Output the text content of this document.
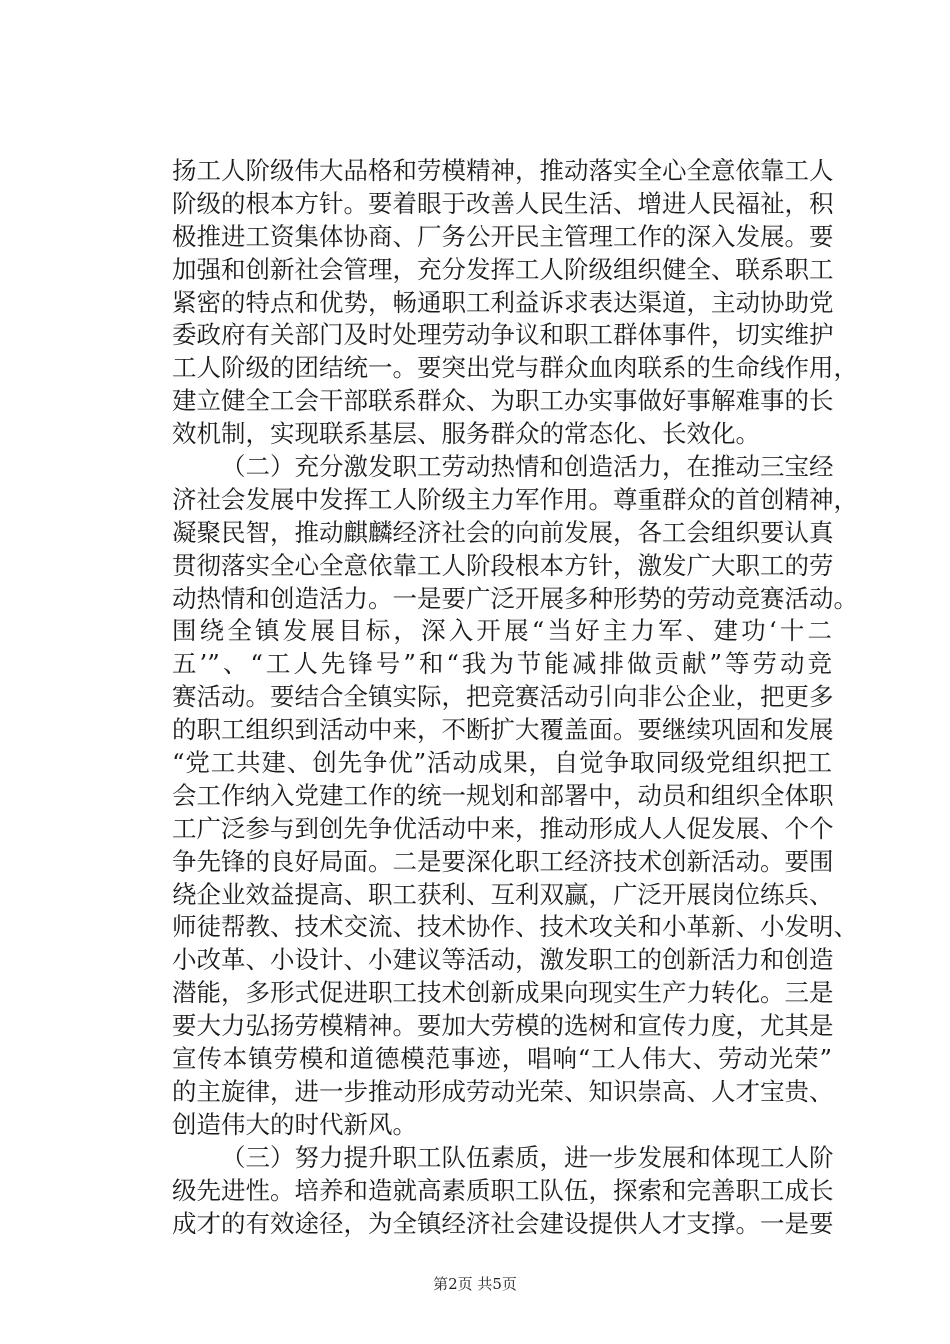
扬工人阶级伟大品格和劳模精神，推动落实全心全意依靠工人
阶级的根本方针。要着眼于改善人民生活、增进人民福祉，积
极推进工资集体协商、厂务公开民主管理工作的深入发展。要
加强和创新社会管理，充分发挥工人阶级组织健全、联系职工
紧密的特点和优势，畅通职工利益诉求表达渠道，主动协助党
委政府有关部门及时处理劳动争议和职工群体事件，切实维护
工人阶级的团结统一。要突出党与群众血肉联系的生命线作用，
建立健全工会干部联系群众、为职工办实事做好事解难事的长
效机制，实现联系基层、服务群众的常态化、长效化。
（二）充分激发职工劳动热情和创造活力，在推动三宝经
济社会发展中发挥工人阶级主力军作用。尊重群众的首创精神，
凝聚民智，推动麒麟经济社会的向前发展，各工会组织要认真
贯彻落实全心全意依靠工人阶段根本方针，激发广大职工的劳
动热情和创造活力。一是要广泛开展多种形势的劳动竞赛活动。
围绕全镇发展目标，深入开展“当好主力军、建功‘十二
五’”、“工人先锋号”和“我为节能减排做贡献”等劳动竞
赛活动。要结合全镇实际，把竞赛活动引向非公企业，把更多
的职工组织到活动中来，不断扩大覆盖面。要继续巩固和发展
“党工共建、创先争优”活动成果，自觉争取同级党组织把工
会工作纳入党建工作的统一规划和部署中，动员和组织全体职
工广泛参与到创先争优活动中来，推动形成人人促发展、个个
争先锋的良好局面。二是要深化职工经济技术创新活动。要围
绕企业效益提高、职工获利、互利双赢，广泛开展岗位练兵、
师徒帮教、技术交流、技术协作、技术攻关和小革新、小发明、
小改革、小设计、小建议等活动，激发职工的创新活力和创造
潜能，多形式促进职工技术创新成果向现实生产力转化。三是
要大力弘扬劳模精神。要加大劳模的选树和宣传力度，尤其是
宣传本镇劳模和道德模范事迹，唱响“工人伟大、劳动光荣”
的主旋律，进一步推动形成劳动光荣、知识崇高、人才宝贵、
创造伟大的时代新风。
（三）努力提升职工队伍素质，进一步发展和体现工人阶
级先进性。培养和造就高素质职工队伍，探索和完善职工成长
成才的有效途径，为全镇经济社会建设提供人才支撑。一是要
第2页 共5页
